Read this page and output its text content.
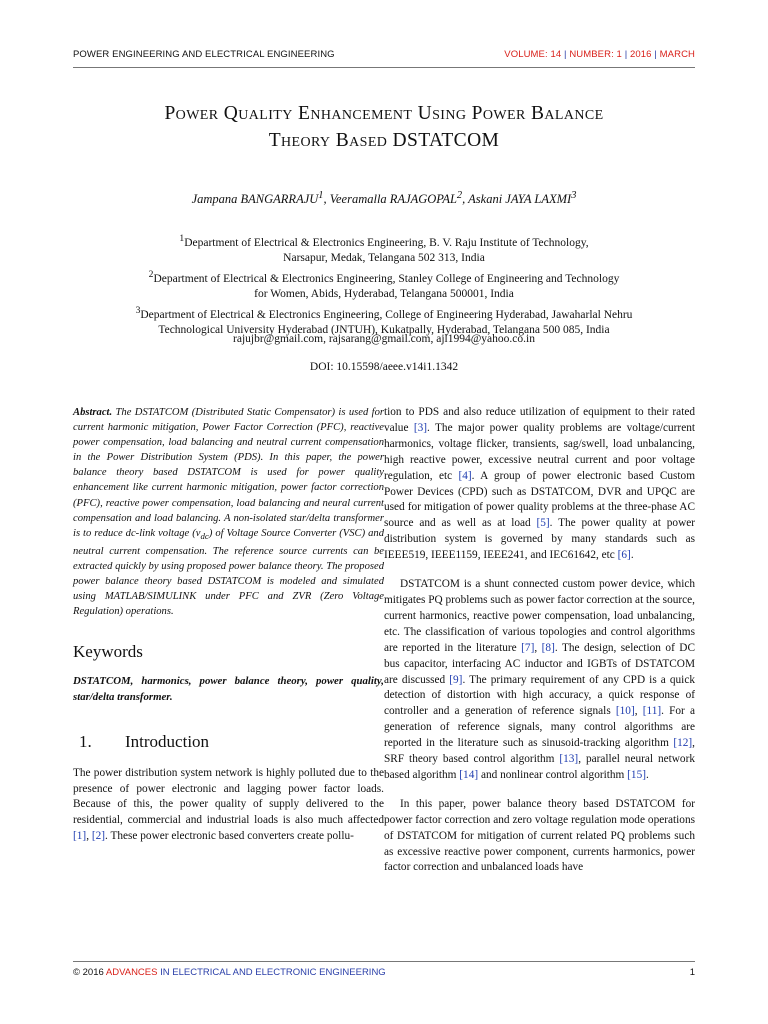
POWER ENGINEERING AND ELECTRICAL ENGINEERING	VOLUME: 14 | NUMBER: 1 | 2016 | MARCH
Power Quality Enhancement Using Power Balance
Theory Based DSTATCOM
Jampana BANGARRAJU$^1$, Veeramalla RAJAGOPAL$^2$, Askani JAYA LAXMI$^3$
$^1$Department of Electrical & Electronics Engineering, B. V. Raju Institute of Technology,
Narsapur, Medak, Telangana 502 313, India
$^2$Department of Electrical & Electronics Engineering, Stanley College of Engineering and Technology
for Women, Abids, Hyderabad, Telangana 500001, India
$^3$Department of Electrical & Electronics Engineering, College of Engineering Hyderabad, Jawaharlal Nehru
Technological University Hyderabad (JNTUH), Kukatpally, Hyderabad, Telangana 500 085, India
rajujbr@gmail.com, rajsarang@gmail.com, ajl1994@yahoo.co.in
DOI: 10.15598/aeee.v14i1.1342

Abstract. The DSTATCOM (Distributed Static Compensator) is used for current harmonic mitigation, Power Factor Correction (PFC), reactive power compensation, load balancing and neutral current compensation in the Power Distribution System (PDS). In this paper, the power balance theory based DSTATCOM is used for power quality enhancement like current harmonic mitigation, power factor correction (PFC), reactive power compensation, load balancing and neural current compensation and load balancing. A non-isolated star/delta transformer is to reduce dc-link voltage $(v_{dc})$ of Voltage Source Converter (VSC) and neutral current compensation. The reference source currents can be extracted quickly by using proposed power balance theory. The proposed power balance theory based DSTATCOM is modeled and simulated using MATLAB/SIMULINK under PFC and ZVR (Zero Voltage Regulation) operations.

Keywords

DSTATCOM, harmonics, power balance theory, power quality, star/delta transformer.

1. Introduction

The power distribution system network is highly polluted due to the presence of power electronic and lagging power factor loads. Because of this, the power quality of supply delivered to the residential, commercial and industrial loads is also much affected [1], [2]. These power electronic based converters create pollu-

tion to PDS and also reduce utilization of equipment to their rated value [3]. The major power quality problems are voltage/current harmonics, voltage flicker, transients, sag/swell, load unbalancing, high reactive power, excessive neutral current and poor voltage regulation, etc [4]. A group of power electronic based Custom Power Devices (CPD) such as DSTATCOM, DVR and UPQC are used for mitigation of power quality problems at the three-phase AC source and as well as at load [5]. The power quality at power distribution system is governed by many standards such as IEEE519, IEEE1159, IEEE241, and IEC61642, etc [6].

DSTATCOM is a shunt connected custom power device, which mitigates PQ problems such as power factor correction at the source, current harmonics, reactive power compensation, load unbalancing, etc. The classification of various topologies and control algorithms are reported in the literature [7], [8]. The design, selection of DC bus capacitor, interfacing AC inductor and IGBTs of DSTATCOM are discussed [9]. The primary requirement of any CPD is a quick detection of distortion with high accuracy, a quick response of controller and a generation of reference signals [10], [11]. For a generation of reference signals, many control algorithms are reported in the literature such as sinusoid-tracking algorithm [12], SRF theory based control algorithm [13], parallel neural network based algorithm [14] and nonlinear control algorithm [15].

In this paper, power balance theory based DSTATCOM for power factor correction and zero voltage regulation mode operations of DSTATCOM for mitigation of current related PQ problems such as excessive reactive power component, currents harmonics, power factor correction and unbalanced loads have

© 2016 ADVANCES IN ELECTRICAL AND ELECTRONIC ENGINEERING	1
